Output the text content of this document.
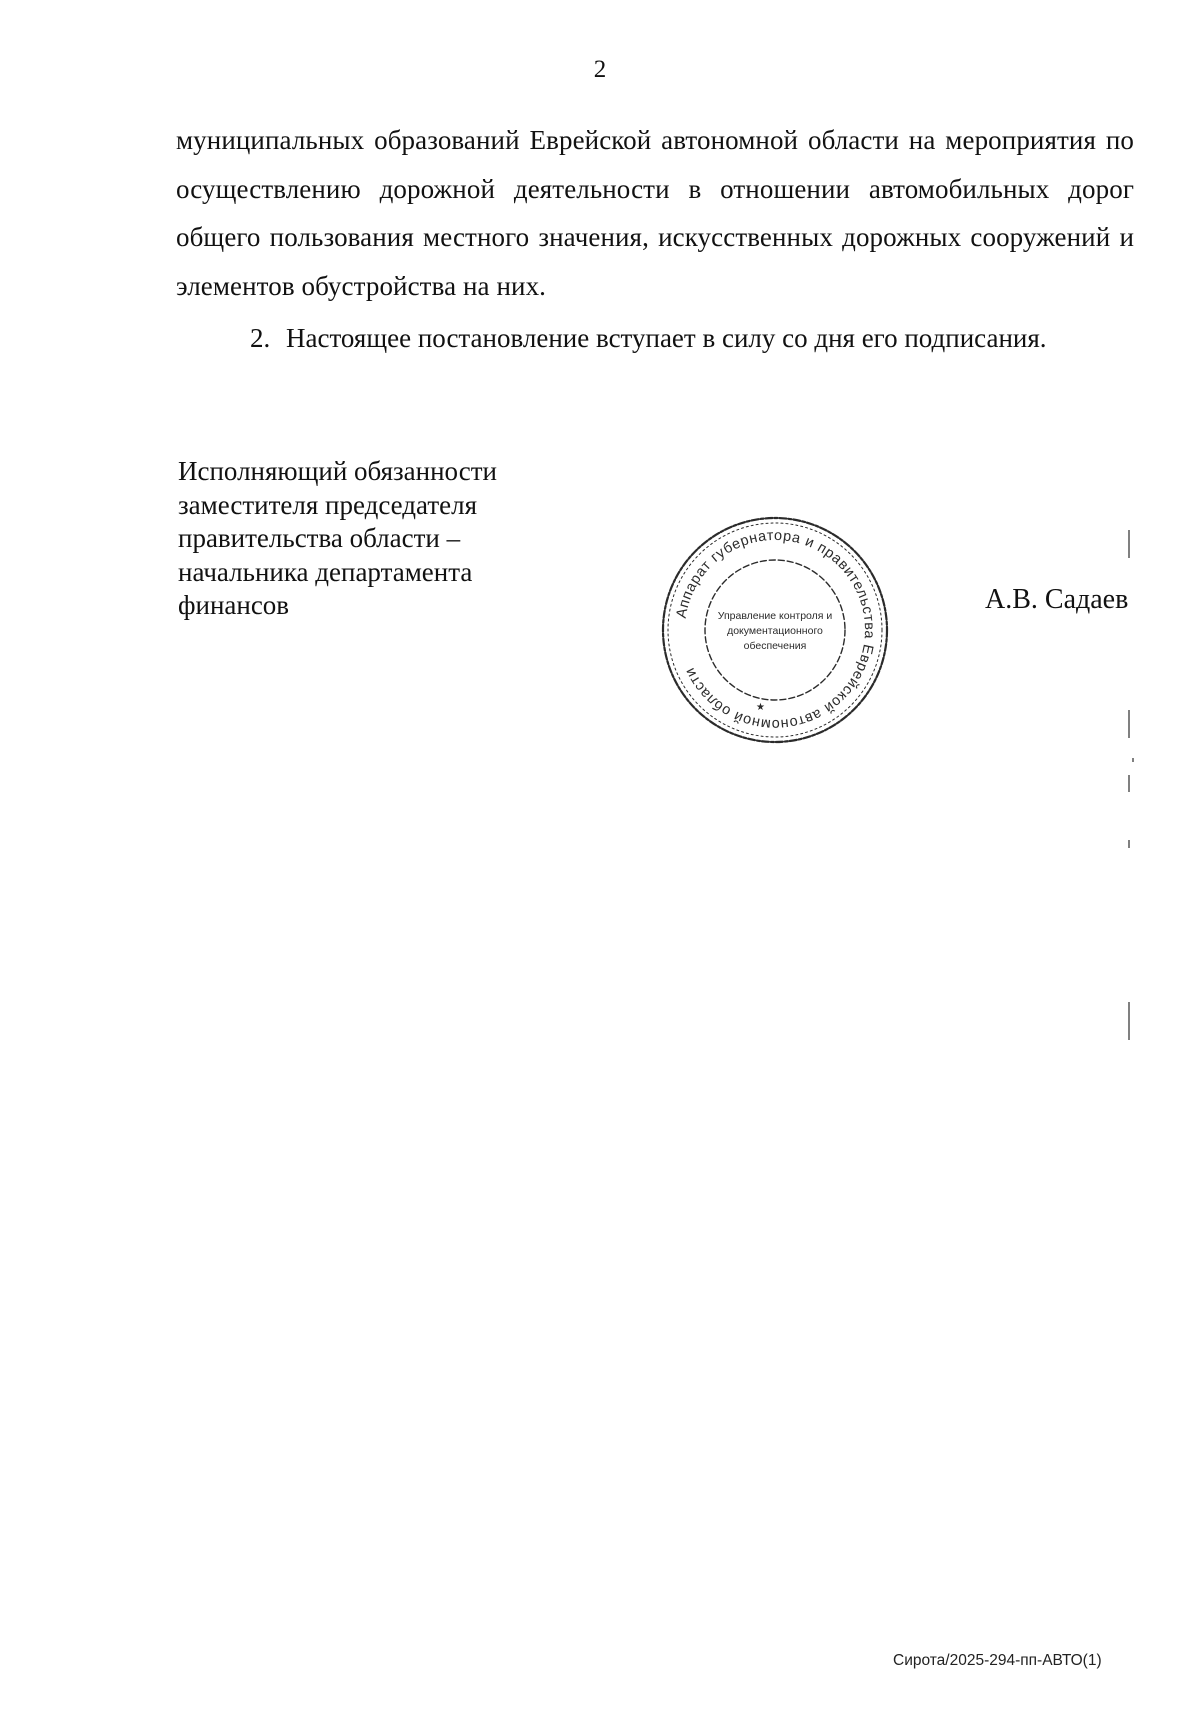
2

муниципальных образований Еврейской автономной области на мероприятия по осуществлению дорожной деятельности в отношении автомобильных дорог общего пользования местного значения, искусственных дорожных сооружений и элементов обустройства на них.

2. Настоящее постановление вступает в силу со дня его подписания.
Исполняющий обязанности
заместителя председателя
правительства области –
начальника департамента
финансов	Аппарат губернатора и правительства Еврейской автономной области
Управление контроля и
документационного
обеспечения
★
А.В. Садаев
Сирота/2025-294-пп-АВТО(1)
